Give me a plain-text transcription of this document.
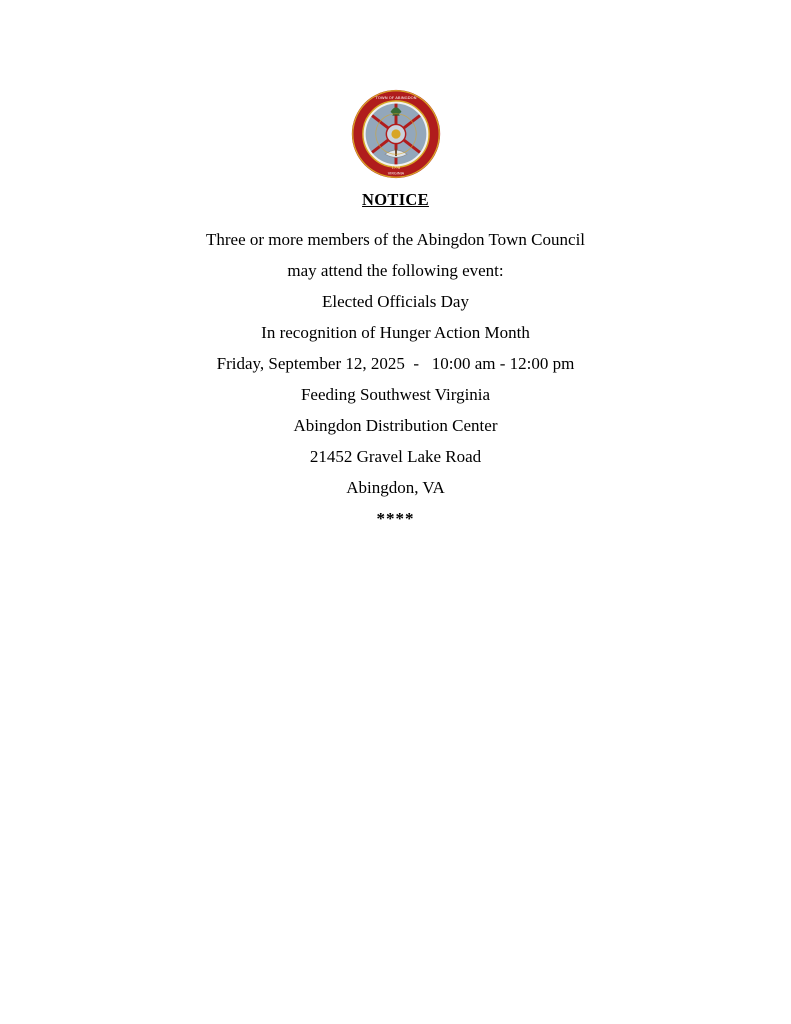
TOWN OF ABINGDON
VIRGINIA
1778
NOTICE
Three or more members of the Abingdon Town Council
may attend the following event:
Elected Officials Day
In recognition of Hunger Action Month
Friday, September 12, 2025  -   10:00 am - 12:00 pm
Feeding Southwest Virginia
Abingdon Distribution Center
21452 Gravel Lake Road
Abingdon, VA
****
